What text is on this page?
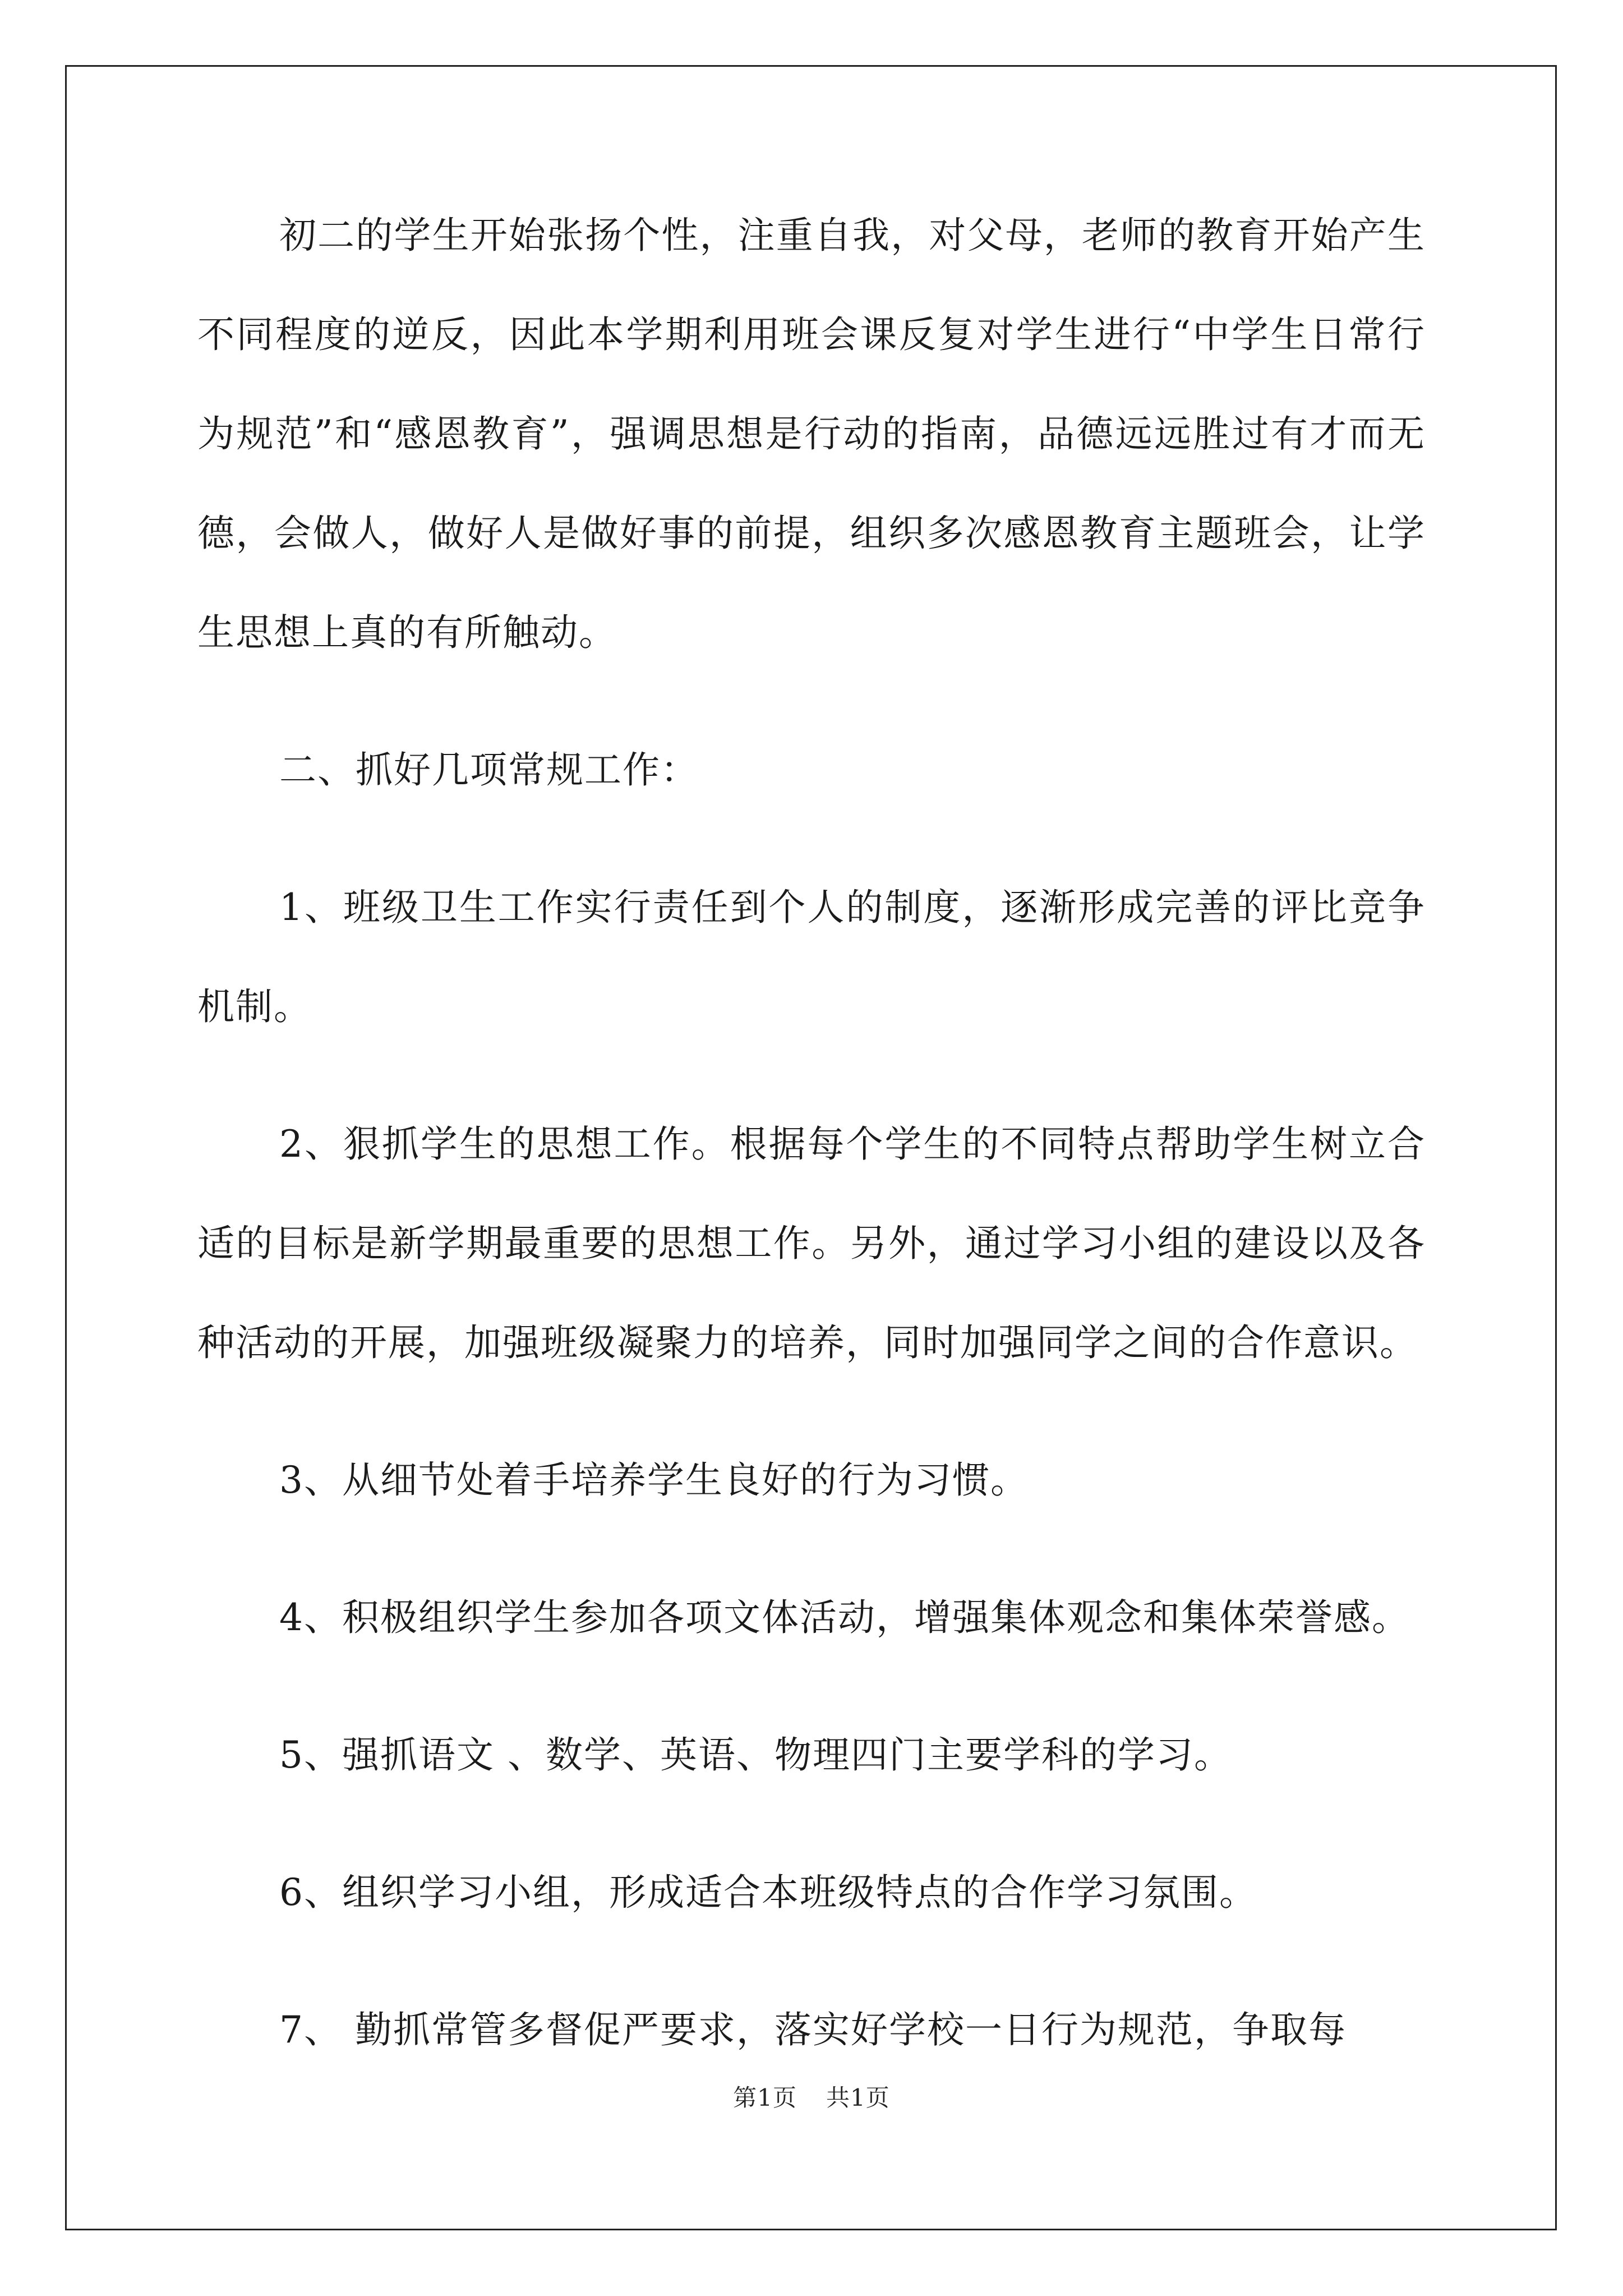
初二的学生开始张扬个性，注重自我，对父母，老师的教育开始产生不同程度的逆反，因此本学期利用班会课反复对学生进行“中学生日常行为规范”和“感恩教育”，强调思想是行动的指南，品德远远胜过有才而无德，会做人，做好人是做好事的前提，组织多次感恩教育主题班会，让学生思想上真的有所触动。

二、抓好几项常规工作：

1、班级卫生工作实行责任到个人的制度，逐渐形成完善的评比竞争机制。

2、狠抓学生的思想工作。根据每个学生的不同特点帮助学生树立合适的目标是新学期最重要的思想工作。另外，通过学习小组的建设以及各种活动的开展，加强班级凝聚力的培养，同时加强同学之间的合作意识。

3、从细节处着手培养学生良好的行为习惯。

4、积极组织学生参加各项文体活动，增强集体观念和集体荣誉感。

5、强抓语文 、数学、英语、物理四门主要学科的学习。

6、组织学习小组，形成适合本班级特点的合作学习氛围。

7、 勤抓常管多督促严要求，落实好学校一日行为规范，争取每

第1页 共1页
